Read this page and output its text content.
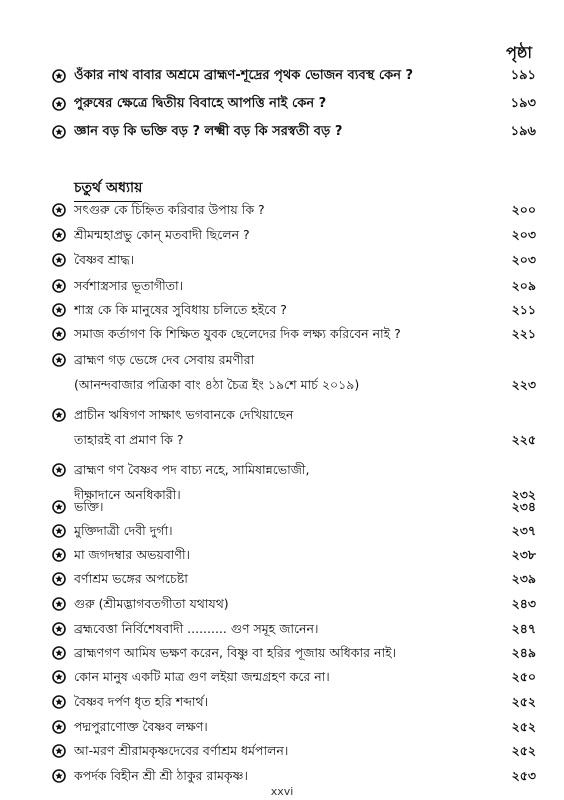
পৃষ্ঠা
ওঁকার নাথ বাবার অশ্রমে ব্রাহ্মণ-শূদ্রের পৃথক ভোজন ব্যবস্থ কেন ?	১৯১
পুরুষের ক্ষেত্রে দ্বিতীয় বিবাহে আপত্তি নাই কেন ?	১৯৩
জ্ঞান বড় কি ভক্তি বড় ? লক্ষ্মী বড় কি সরস্বতী বড় ?	১৯৬
চতুর্থ অধ্যায়
সৎগুরু কে চিহ্নিত করিবার উপায় কি ?	২০০
শ্রীমন্মহাপ্রভু কোন্ মতবাদী ছিলেন ?	২০৩
বৈষ্ণব শ্রাদ্ধ।	২০৩
সর্বশাস্ত্রসার ভূতাগীতা।	২০৯
শাস্ত্র কে কি মানুষের সুবিধায় চলিতে হইবে ?	২১১
সমাজ কর্তাগণ কি শিক্ষিত যুবক ছেলেদের দিক লক্ষ্য করিবেন নাই ?	২২১
ব্রাহ্মণ গড় ভেঙ্গে দেব সেবায় রমণীরা
(আনন্দবাজার পত্রিকা বাং ৪ঠা চৈত্র ইং ১৯শে মার্চ ২০১৯)	২২৩
প্রাচীন ঋষিগণ সাক্ষাৎ ভগবানকে দেখিয়াছেন
তাহারই বা প্রমাণ কি ?	২২৫
ব্রাহ্মণ গণ বৈষ্ণব পদ বাচ্য নহে, সামিষান্নভোজী,
দীক্ষাদানে অনধিকারী।	২৩২
ভক্তি।	২৩৪
মুক্তিদাত্রী দেবী দুর্গা।	২৩৭
মা জগদম্বার অভয়বাণী।	২৩৮
বর্ণাশ্রম ভঙ্গের অপচেষ্টা	২৩৯
গুরু (শ্রীমদ্ভাগবতগীতা যথাযথ)	২৪৩
ব্রহ্মবেত্তা নির্বিশেষবাদী .......... গুণ সমূহ জানেন।	২৪৭
ব্রাহ্মণগণ আমিষ ভক্ষণ করেন, বিষ্ণু বা হরির পূজায় অধিকার নাই।	২৪৯
কোন মানুষ একটি মাত্র গুণ লইয়া জন্মগ্রহণ করে না।	২৫০
বৈষ্ণব দর্পণ ধৃত হরি শব্দার্থ।	২৫২
পদ্মপুরাণোক্ত বৈষ্ণব লক্ষণ।	২৫২
আ-মরণ শ্রীরামকৃষ্ণদেবের বর্ণাশ্রম ধর্মপালন।	২৫২
কপর্দক বিহীন শ্রী শ্রী ঠাকুর রামকৃষ্ণ।	২৫৩
xxvi
